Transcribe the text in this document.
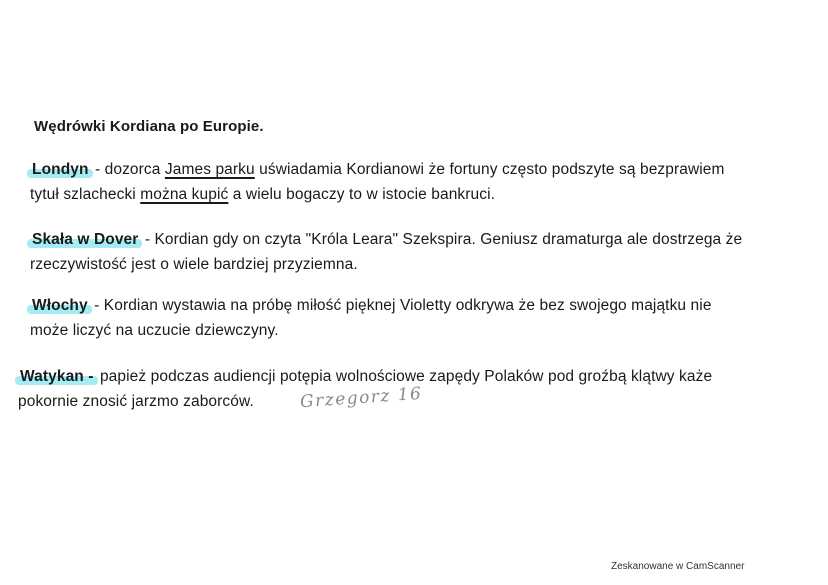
Wędrówki Kordiana po Europie.

Londyn - dozorca James parku uświadamia Kordianowi że fortuny często podszyte są bezprawiem

tytuł szlachecki można kupić a wielu bogaczy to w istocie bankruci.

Skała w Dover - Kordian gdy on czyta "Króla Leara" Szekspira. Geniusz dramaturga ale dostrzega że

rzeczywistość jest o wiele bardziej przyziemna.

Włochy - Kordian wystawia na próbę miłość pięknej Violetty odkrywa że bez swojego majątku nie

może liczyć na uczucie dziewczyny.

Watykan - papież podczas audiencji potępia wolnościowe zapędy Polaków pod groźbą klątwy każe

pokornie znosić jarzmo zaborców.	Grzegorz 16
Zeskanowane w CamScanner
